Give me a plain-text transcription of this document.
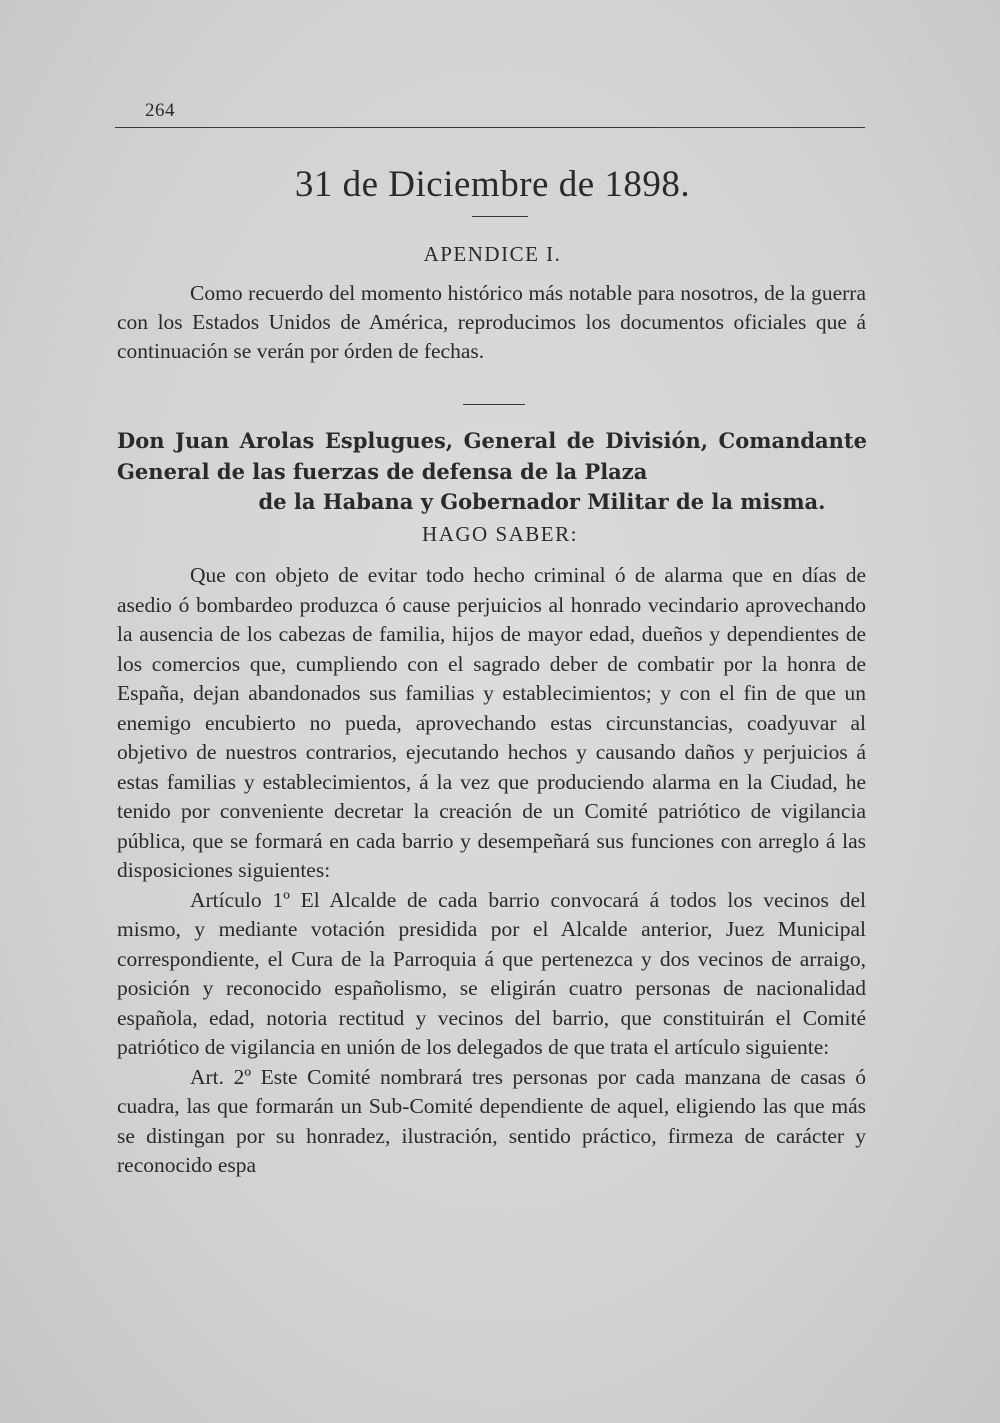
264
31 de Diciembre de 1898.
APENDICE I.

Como recuerdo del momento histórico más notable para nosotros, de la guerra con los Estados Unidos de América, reproducimos los documentos oficiales que á continuación se verán por órden de fechas.

Don Juan Arolas Esplugues, General de División, Comandante General de las fuerzas de defensa de la Plaza
de la Habana y Gobernador Militar de la misma.
HAGO SABER:

Que con objeto de evitar todo hecho criminal ó de alarma que en días de asedio ó bombardeo produzca ó cause perjuicios al honrado vecindario aprovechando la ausencia de los cabezas de familia, hijos de mayor edad, dueños y dependientes de los comercios que, cumpliendo con el sagrado deber de combatir por la honra de España, dejan abandonados sus familias y establecimientos; y con el fin de que un enemigo encubierto no pueda, aprovechando estas circunstancias, coadyuvar al objetivo de nuestros contrarios, ejecutando hechos y causando daños y perjuicios á estas familias y establecimientos, á la vez que produciendo alarma en la Ciudad, he tenido por conveniente decretar la creación de un Comité patriótico de vigilancia pública, que se formará en cada barrio y desempeñará sus funciones con arreglo á las disposiciones siguientes:

Artículo 1º El Alcalde de cada barrio convocará á todos los vecinos del mismo, y mediante votación presidida por el Alcalde anterior, Juez Municipal correspondiente, el Cura de la Parroquia á que pertenezca y dos vecinos de arraigo, posición y reconocido españolismo, se eligirán cuatro personas de nacionalidad española, edad, notoria rectitud y vecinos del barrio, que constituirán el Comité patriótico de vigilancia en unión de los delegados de que trata el artículo siguiente:

Art. 2º Este Comité nombrará tres personas por cada manzana de casas ó cuadra, las que formarán un Sub-Comité dependiente de aquel, eligiendo las que más se distingan por su honradez, ilustración, sentido práctico, firmeza de carácter y reconocido espa
